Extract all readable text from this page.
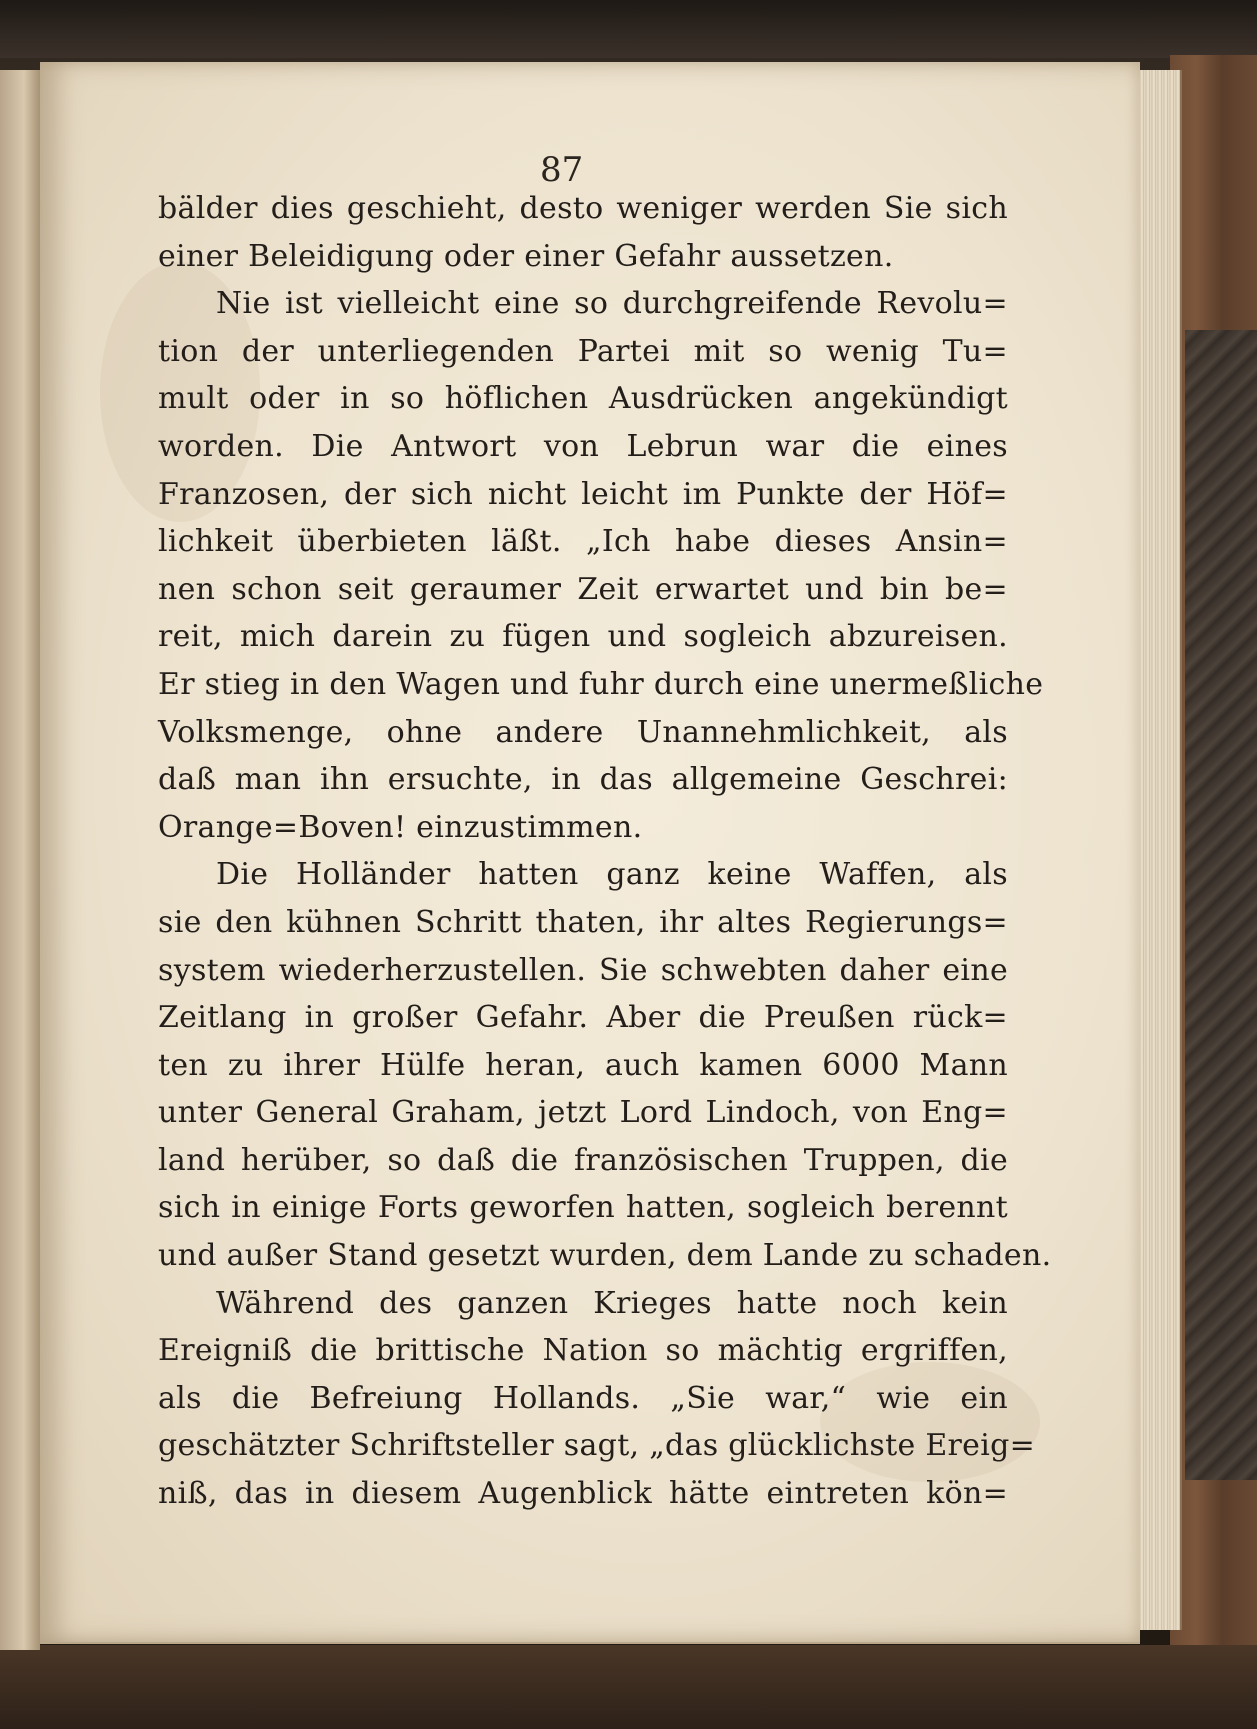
87
bälder dies geschieht, desto weniger werden Sie sich
einer Beleidigung oder einer Gefahr aussetzen.
Nie ist vielleicht eine so durchgreifende Revolu=
tion der unterliegenden Partei mit so wenig Tu=
mult oder in so höflichen Ausdrücken angekündigt
worden. Die Antwort von Lebrun war die eines
Franzosen, der sich nicht leicht im Punkte der Höf=
lichkeit überbieten läßt. „Ich habe dieses Ansin=
nen schon seit geraumer Zeit erwartet und bin be=
reit, mich darein zu fügen und sogleich abzureisen.
Er stieg in den Wagen und fuhr durch eine unermeßliche
Volksmenge, ohne andere Unannehmlichkeit, als
daß man ihn ersuchte, in das allgemeine Geschrei:
Orange=Boven! einzustimmen.
Die Holländer hatten ganz keine Waffen, als
sie den kühnen Schritt thaten, ihr altes Regierungs=
system wiederherzustellen. Sie schwebten daher eine
Zeitlang in großer Gefahr. Aber die Preußen rück=
ten zu ihrer Hülfe heran, auch kamen 6000 Mann
unter General Graham, jetzt Lord Lindoch, von Eng=
land herüber, so daß die französischen Truppen, die
sich in einige Forts geworfen hatten, sogleich berennt
und außer Stand gesetzt wurden, dem Lande zu schaden.
Während des ganzen Krieges hatte noch kein
Ereigniß die brittische Nation so mächtig ergriffen,
als die Befreiung Hollands. „Sie war,“ wie ein
geschätzter Schriftsteller sagt, „das glücklichste Ereig=
niß, das in diesem Augenblick hätte eintreten kön=
